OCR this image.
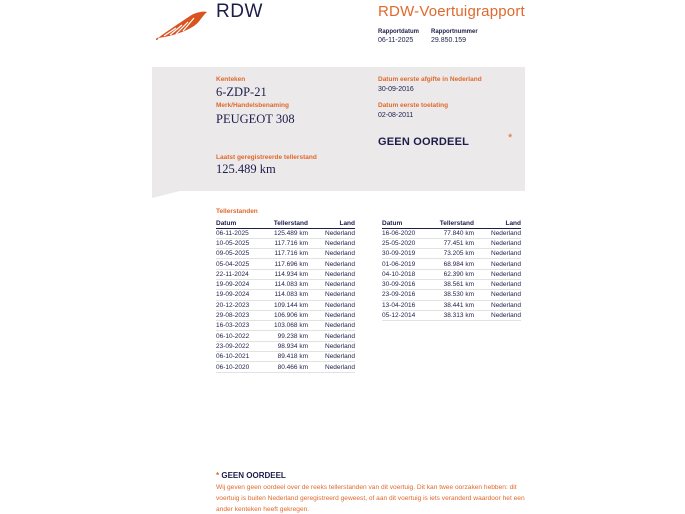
RDW	RDW-Voertuigrapport
Rapportdatum
06-11-2025
Rapportnummer
29.850.159
Kenteken
6-ZDP-21
Merk/Handelsbenaming
PEUGEOT 308
Laatst geregistreerde tellerstand
125.489 km
Datum eerste afgifte in Nederland
30-09-2016
Datum eerste toelating
02-08-2011
GEEN OORDEEL	*
Tellerstanden
Datum	Tellerstand	Land
06-11-2025	125.489 km	Nederland
10-05-2025	117.716 km	Nederland
09-05-2025	117.716 km	Nederland
05-04-2025	117.696 km	Nederland
22-11-2024	114.934 km	Nederland
19-09-2024	114.083 km	Nederland
19-09-2024	114.083 km	Nederland
20-12-2023	109.144 km	Nederland
29-08-2023	106.906 km	Nederland
16-03-2023	103.068 km	Nederland
06-10-2022	99.238 km	Nederland
23-09-2022	98.934 km	Nederland
06-10-2021	89.418 km	Nederland
06-10-2020	80.466 km	Nederland
Datum	Tellerstand	Land
16-06-2020	77.840 km	Nederland
25-05-2020	77.451 km	Nederland
30-09-2019	73.205 km	Nederland
01-06-2019	68.984 km	Nederland
04-10-2018	62.390 km	Nederland
30-09-2016	38.561 km	Nederland
23-09-2016	38.530 km	Nederland
13-04-2016	38.441 km	Nederland
05-12-2014	38.313 km	Nederland
* GEEN OORDEEL
Wij geven geen oordeel over de reeks tellerstanden van dit voertuig. Dit kan twee oorzaken hebben: dit voertuig is buiten Nederland geregistreerd geweest, of aan dit voertuig is iets veranderd waardoor het een ander kenteken heeft gekregen.
